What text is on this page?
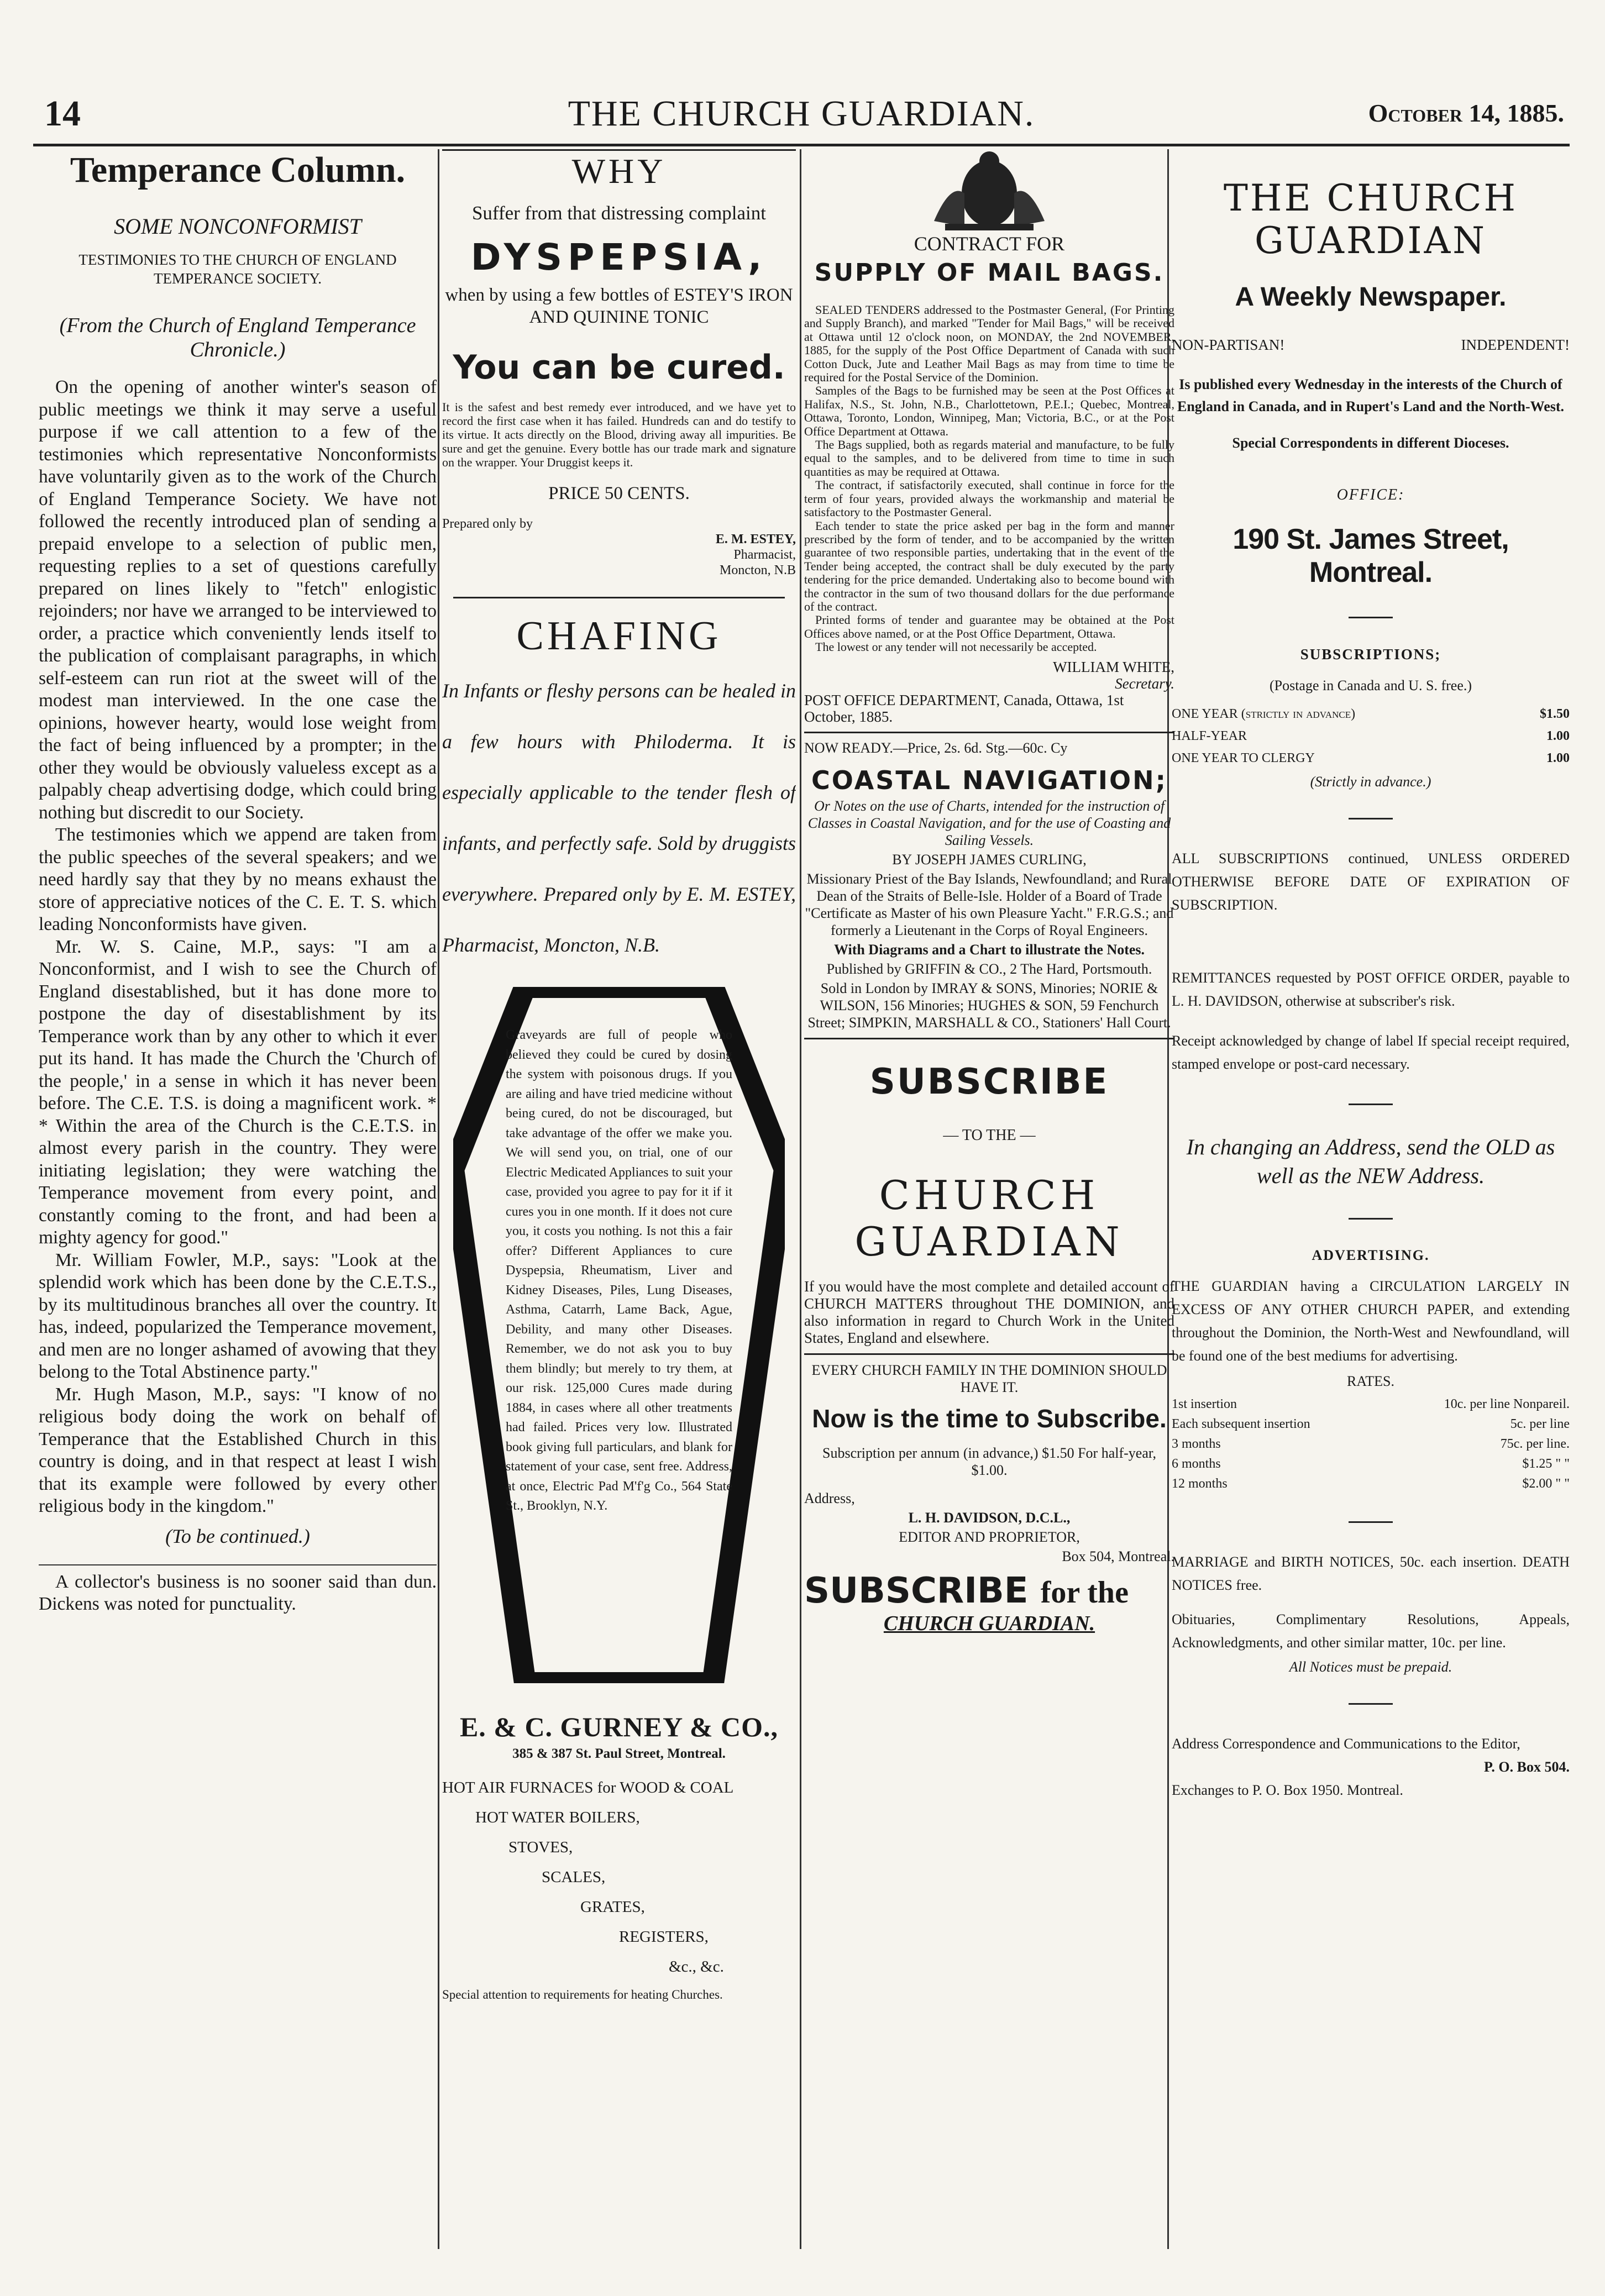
14	THE CHURCH GUARDIAN.	October 14, 1885.
Temperance Column.
SOME NONCONFORMIST
TESTIMONIES TO THE CHURCH OF ENGLAND TEMPERANCE SOCIETY.
(From the Church of England Temperance Chronicle.)

On the opening of another winter's season of public meetings we think it may serve a useful purpose if we call attention to a few of the testimonies which representative Nonconformists have voluntarily given as to the work of the Church of England Temperance Society. We have not followed the recently introduced plan of sending a prepaid envelope to a selection of public men, requesting replies to a set of questions carefully prepared on lines likely to "fetch" enlogistic rejoinders; nor have we arranged to be interviewed to order, a practice which conveniently lends itself to the publication of complaisant paragraphs, in which self-esteem can run riot at the sweet will of the modest man interviewed. In the one case the opinions, however hearty, would lose weight from the fact of being influenced by a prompter; in the other they would be obviously valueless except as a palpably cheap advertising dodge, which could bring nothing but discredit to our Society.

The testimonies which we append are taken from the public speeches of the several speakers; and we need hardly say that they by no means exhaust the store of appreciative notices of the C. E. T. S. which leading Nonconformists have given.

Mr. W. S. Caine, M.P., says: "I am a Nonconformist, and I wish to see the Church of England disestablished, but it has done more to postpone the day of disestablishment by its Temperance work than by any other to which it ever put its hand. It has made the Church the 'Church of the people,' in a sense in which it has never been before. The C.E. T.S. is doing a magnificent work. * * Within the area of the Church is the C.E.T.S. in almost every parish in the country. They were initiating legislation; they were watching the Temperance movement from every point, and constantly coming to the front, and had been a mighty agency for good."

Mr. William Fowler, M.P., says: "Look at the splendid work which has been done by the C.E.T.S., by its multitudinous branches all over the country. It has, indeed, popularized the Temperance movement, and men are no longer ashamed of avowing that they belong to the Total Abstinence party."

Mr. Hugh Mason, M.P., says: "I know of no religious body doing the work on behalf of Temperance that the Established Church in this country is doing, and in that respect at least I wish that its example were followed by every other religious body in the kingdom."

(To be continued.)

A collector's business is no sooner said than dun. Dickens was noted for punctuality.

WHY
Suffer from that distressing complaint
DYSPEPSIA,
when by using a few bottles of ESTEY'S IRON AND QUININE TONIC
You can be cured.
It is the safest and best remedy ever introduced, and we have yet to record the first case when it has failed. Hundreds can and do testify to its virtue. It acts directly on the Blood, driving away all impurities. Be sure and get the genuine. Every bottle has our trade mark and signature on the wrapper. Your Druggist keeps it.
PRICE 50 CENTS.
Prepared only by
E. M. ESTEY,
Pharmacist,
Moncton, N.B
CHAFING
In Infants or fleshy persons can be healed in a few hours with Philoderma. It is especially applicable to the tender flesh of infants, and perfectly safe. Sold by druggists everywhere. Prepared only by E. M. ESTEY, Pharmacist, Moncton, N.B.
Graveyards are full of people who believed they could be cured by dosing the system with poisonous drugs. If you are ailing and have tried medicine without being cured, do not be discouraged, but take advantage of the offer we make you. We will send you, on trial, one of our Electric Medicated Appliances to suit your case, provided you agree to pay for it if it cures you in one month. If it does not cure you, it costs you nothing. Is not this a fair offer? Different Appliances to cure Dyspepsia, Rheumatism, Liver and Kidney Diseases, Piles, Lung Diseases, Asthma, Catarrh, Lame Back, Ague, Debility, and many other Diseases. Remember, we do not ask you to buy them blindly; but merely to try them, at our risk. 125,000 Cures made during 1884, in cases where all other treatments had failed. Prices very low. Illustrated book giving full particulars, and blank for statement of your case, sent free. Address, at once, Electric Pad M'f'g Co., 564 State St., Brooklyn, N.Y.
E. & C. GURNEY & CO.,
385 & 387 St. Paul Street, Montreal.
HOT AIR FURNACES for WOOD & COAL
HOT WATER BOILERS,
STOVES,
SCALES,
GRATES,
REGISTERS,
&c., &c.
Special attention to requirements for heating Churches.
CONTRACT FOR
SUPPLY OF MAIL BAGS.

SEALED TENDERS addressed to the Postmaster General, (For Printing and Supply Branch), and marked "Tender for Mail Bags," will be received at Ottawa until 12 o'clock noon, on MONDAY, the 2nd NOVEMBER, 1885, for the supply of the Post Office Department of Canada with such Cotton Duck, Jute and Leather Mail Bags as may from time to time be required for the Postal Service of the Dominion.

Samples of the Bags to be furnished may be seen at the Post Offices at Halifax, N.S., St. John, N.B., Charlottetown, P.E.I.; Quebec, Montreal, Ottawa, Toronto, London, Winnipeg, Man; Victoria, B.C., or at the Post Office Department at Ottawa.

The Bags supplied, both as regards material and manufacture, to be fully equal to the samples, and to be delivered from time to time in such quantities as may be required at Ottawa.

The contract, if satisfactorily executed, shall continue in force for the term of four years, provided always the workmanship and material be satisfactory to the Postmaster General.

Each tender to state the price asked per bag in the form and manner prescribed by the form of tender, and to be accompanied by the written guarantee of two responsible parties, undertaking that in the event of the Tender being accepted, the contract shall be duly executed by the party tendering for the price demanded. Undertaking also to become bound with the contractor in the sum of two thousand dollars for the due performance of the contract.

Printed forms of tender and guarantee may be obtained at the Post Offices above named, or at the Post Office Department, Ottawa.

The lowest or any tender will not necessarily be accepted.

WILLIAM WHITE,
Secretary.
POST OFFICE DEPARTMENT, Canada, Ottawa, 1st October, 1885.
NOW READY.—Price, 2s. 6d. Stg.—60c. Cy
COASTAL NAVIGATION;
Or Notes on the use of Charts, intended for the instruction of Classes in Coastal Navigation, and for the use of Coasting and Sailing Vessels.
BY JOSEPH JAMES CURLING,
Missionary Priest of the Bay Islands, Newfoundland; and Rural Dean of the Straits of Belle-Isle. Holder of a Board of Trade "Certificate as Master of his own Pleasure Yacht." F.R.G.S.; and formerly a Lieutenant in the Corps of Royal Engineers.
With Diagrams and a Chart to illustrate the Notes.
Published by GRIFFIN & CO., 2 The Hard, Portsmouth.
Sold in London by IMRAY & SONS, Minories; NORIE & WILSON, 156 Minories; HUGHES & SON, 59 Fenchurch Street; SIMPKIN, MARSHALL & CO., Stationers' Hall Court.
SUBSCRIBE
— TO THE —
CHURCH GUARDIAN
If you would have the most complete and detailed account of CHURCH MATTERS throughout THE DOMINION, and also information in regard to Church Work in the United States, England and elsewhere.
EVERY CHURCH FAMILY IN THE DOMINION SHOULD HAVE IT.
Now is the time to Subscribe.
Subscription per annum (in advance,) $1.50 For half-year, $1.00.
Address,
L. H. DAVIDSON, D.C.L.,
EDITOR AND PROPRIETOR,
Box 504, Montreal.
SUBSCRIBE for the
CHURCH GUARDIAN.
THE CHURCH GUARDIAN
A Weekly Newspaper.
NON-PARTISAN!	INDEPENDENT!
Is published every Wednesday in the interests of the Church of England in Canada, and in Rupert's Land and the North-West.
Special Correspondents in different Dioceses.
OFFICE:
190 St. James Street, Montreal.
SUBSCRIPTIONS;
(Postage in Canada and U. S. free.)
ONE YEAR (strictly in advance)	$1.50
HALF-YEAR	1.00
ONE YEAR TO CLERGY	1.00
(Strictly in advance.)
ALL SUBSCRIPTIONS continued, UNLESS ORDERED OTHERWISE BEFORE DATE OF EXPIRATION OF SUBSCRIPTION.
REMITTANCES requested by POST OFFICE ORDER, payable to L. H. DAVIDSON, otherwise at subscriber's risk.
Receipt acknowledged by change of label If special receipt required, stamped envelope or post-card necessary.
In changing an Address, send the OLD as well as the NEW Address.
ADVERTISING.
THE GUARDIAN having a CIRCULATION LARGELY IN EXCESS OF ANY OTHER CHURCH PAPER, and extending throughout the Dominion, the North-West and Newfoundland, will be found one of the best mediums for advertising.
RATES.
1st insertion	10c. per line Nonpareil.
Each subsequent insertion	5c. per line
3 months	75c. per line.
6 months	$1.25 " "
12 months	$2.00 " "
MARRIAGE and BIRTH NOTICES, 50c. each insertion. DEATH NOTICES free.
Obituaries, Complimentary Resolutions, Appeals, Acknowledgments, and other similar matter, 10c. per line.
All Notices must be prepaid.
Address Correspondence and Communications to the Editor,
P. O. Box 504.
Exchanges to P. O. Box 1950. Montreal.
